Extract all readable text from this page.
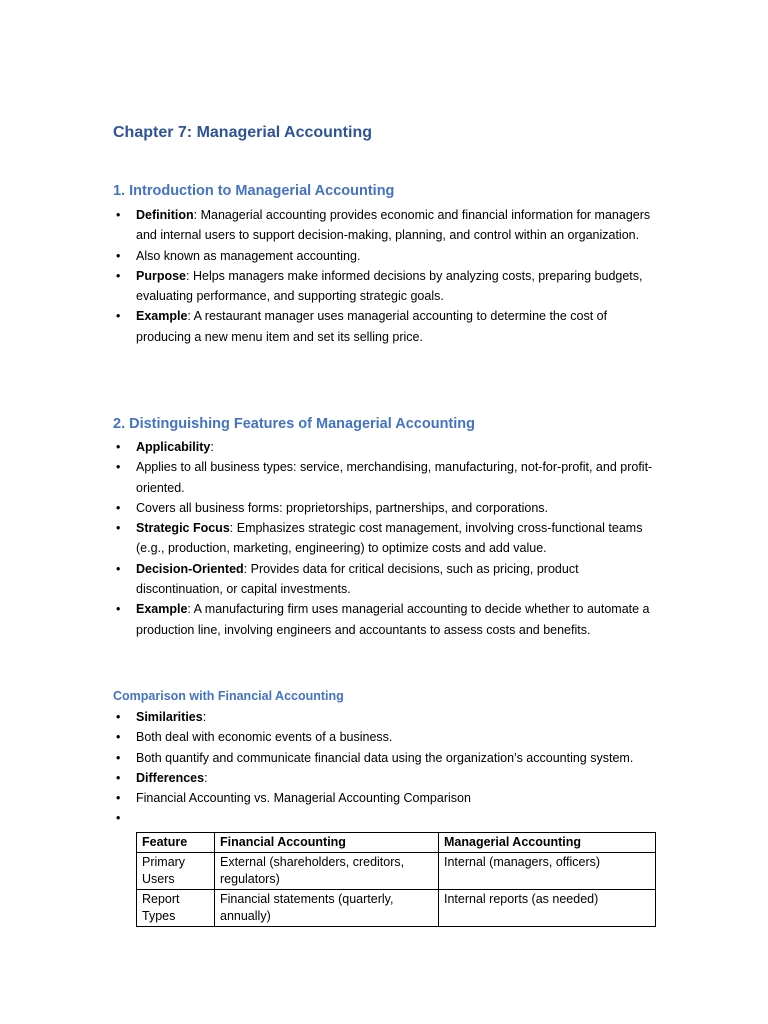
Chapter 7: Managerial Accounting
1. Introduction to Managerial Accounting
• Definition: Managerial accounting provides economic and financial information for managers and internal users to support decision-making, planning, and control within an organization.
• Also known as management accounting.
• Purpose: Helps managers make informed decisions by analyzing costs, preparing budgets, evaluating performance, and supporting strategic goals.
• Example: A restaurant manager uses managerial accounting to determine the cost of producing a new menu item and set its selling price.
2. Distinguishing Features of Managerial Accounting
• Applicability:
• Applies to all business types: service, merchandising, manufacturing, not-for-profit, and profit-oriented.
• Covers all business forms: proprietorships, partnerships, and corporations.
• Strategic Focus: Emphasizes strategic cost management, involving cross-functional teams (e.g., production, marketing, engineering) to optimize costs and add value.
• Decision-Oriented: Provides data for critical decisions, such as pricing, product discontinuation, or capital investments.
• Example: A manufacturing firm uses managerial accounting to decide whether to automate a production line, involving engineers and accountants to assess costs and benefits.
Comparison with Financial Accounting
• Similarities:
• Both deal with economic events of a business.
• Both quantify and communicate financial data using the organization’s accounting system.
• Differences:
• Financial Accounting vs. Managerial Accounting Comparison
•
Feature	Financial Accounting	Managerial Accounting
Primary Users	External (shareholders, creditors, regulators)	Internal (managers, officers)
Report Types	Financial statements (quarterly, annually)	Internal reports (as needed)
